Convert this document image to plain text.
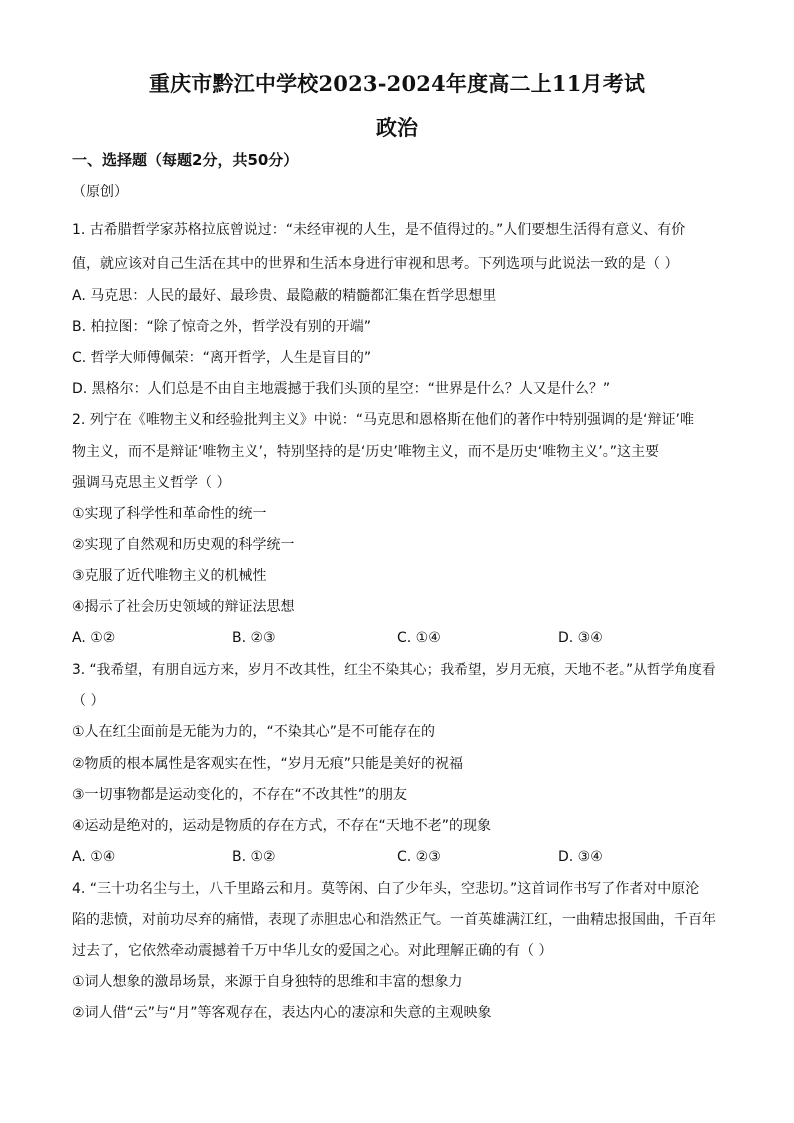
重庆市黔江中学校2023-2024年度高二上11月考试
政治
一、选择题（每题2分，共50分）
（原创）
1. 古希腊哲学家苏格拉底曾说过：“未经审视的人生，是不值得过的。”人们要想生活得有意义、有价
值，就应该对自己生活在其中的世界和生活本身进行审视和思考。下列选项与此说法一致的是（ ）
A. 马克思：人民的最好、最珍贵、最隐蔽的精髓都汇集在哲学思想里
B. 柏拉图：“除了惊奇之外，哲学没有别的开端”
C. 哲学大师傅佩荣：“离开哲学，人生是盲目的”
D. 黑格尔：人们总是不由自主地震撼于我们头顶的星空：“世界是什么？人又是什么？”
2. 列宁在《唯物主义和经验批判主义》中说：“马克思和恩格斯在他们的著作中特别强调的是‘辩证’唯
物主义，而不是辩证‘唯物主义’，特别坚持的是‘历史’唯物主义，而不是历史‘唯物主义’。”这主要
强调马克思主义哲学（ ）
①实现了科学性和革命性的统一
②实现了自然观和历史观的科学统一
③克服了近代唯物主义的机械性
④揭示了社会历史领域的辩证法思想
A. ①②	B. ②③	C. ①④	D. ③④
3. “我希望，有朋自远方来，岁月不改其性，红尘不染其心；我希望，岁月无痕，天地不老。”从哲学角度看
（ ）
①人在红尘面前是无能为力的，“不染其心”是不可能存在的
②物质的根本属性是客观实在性，“岁月无痕”只能是美好的祝福
③一切事物都是运动变化的，不存在“不改其性”的朋友
④运动是绝对的，运动是物质的存在方式，不存在“天地不老”的现象
A. ①④	B. ①②	C. ②③	D. ③④
4. “三十功名尘与土，八千里路云和月。莫等闲、白了少年头，空悲切。”这首词作书写了作者对中原沦
陷的悲愤，对前功尽弃的痛惜，表现了赤胆忠心和浩然正气。一首英雄满江红，一曲精忠报国曲，千百年
过去了，它依然牵动震撼着千万中华儿女的爱国之心。对此理解正确的有（ ）
①词人想象的激昂场景，来源于自身独特的思维和丰富的想象力
②词人借“云”与“月”等客观存在，表达内心的凄凉和失意的主观映象
